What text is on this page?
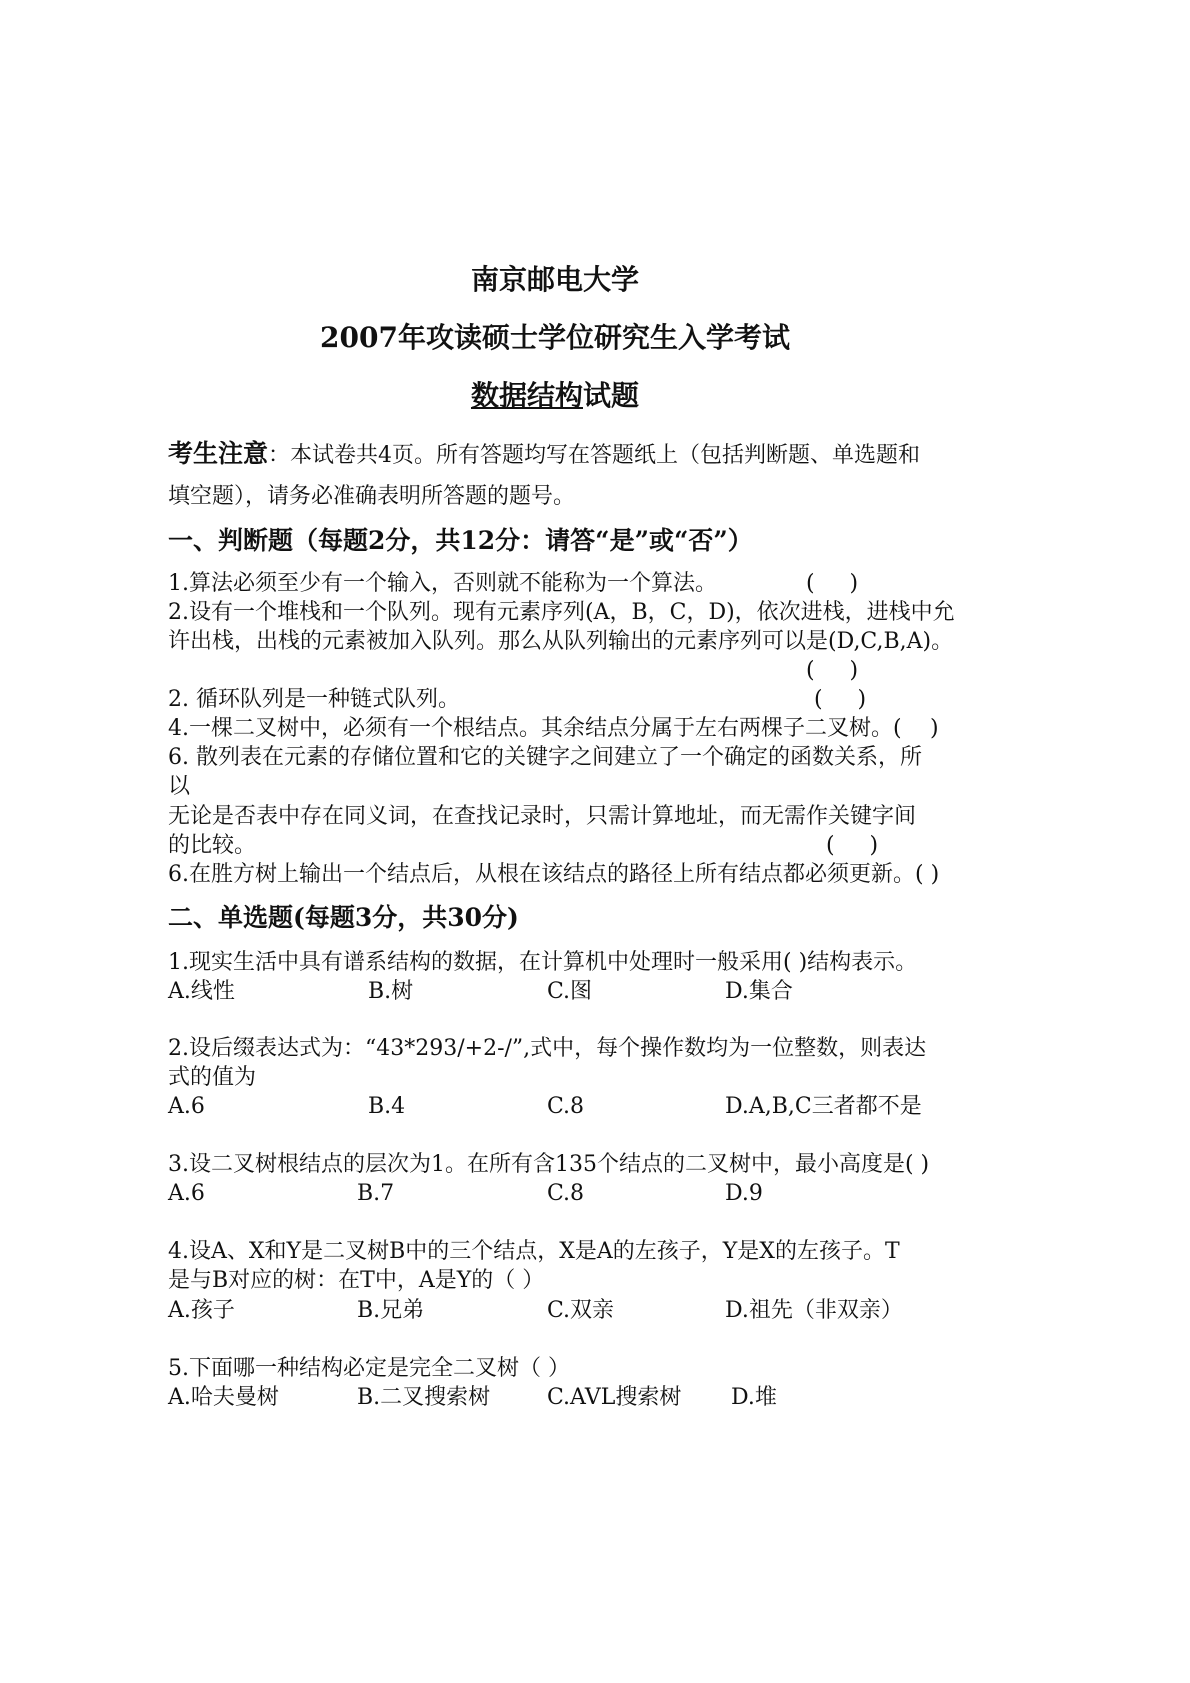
南京邮电大学
2007年攻读硕士学位研究生入学考试
数据结构试题
考生注意：本试卷共4页。所有答题均写在答题纸上（包括判断题、单选题和
填空题），请务必准确表明所答题的题号。
一、判断题（每题2分，共12分：请答“是”或“否”）
1.算法必须至少有一个输入，否则就不能称为一个算法。	(     )
2.设有一个堆栈和一个队列。现有元素序列(A，B，C，D)，依次进栈，进栈中允
许出栈，出栈的元素被加入队列。那么从队列输出的元素序列可以是(D,C,B,A)。
(     )
2. 循环队列是一种链式队列。	(     )
4.一棵二叉树中，必须有一个根结点。其余结点分属于左右两棵子二叉树。( )
6. 散列表在元素的存储位置和它的关键字之间建立了一个确定的函数关系，所
以
无论是否表中存在同义词，在查找记录时，只需计算地址，而无需作关键字间
的比较。	(     )
6.在胜方树上输出一个结点后，从根在该结点的路径上所有结点都必须更新。( )
二、单选题(每题3分，共30分)
1.现实生活中具有谱系结构的数据，在计算机中处理时一般采用( )结构表示。
A.线性	B.树	C.图	D.集合
2.设后缀表达式为：“43*293/+2-/”,式中，每个操作数均为一位整数，则表达
式的值为
A.6	B.4	C.8	D.A,B,C三者都不是
3.设二叉树根结点的层次为1。在所有含135个结点的二叉树中，最小高度是( )
A.6	B.7	C.8	D.9
4.设A、X和Y是二叉树B中的三个结点，X是A的左孩子，Y是X的左孩子。T
是与B对应的树：在T中，A是Y的（ ）
A.孩子	B.兄弟	C.双亲	D.祖先（非双亲）
5.下面哪一种结构必定是完全二叉树（ ）
A.哈夫曼树	B.二叉搜索树	C.AVL搜索树 D.堆
